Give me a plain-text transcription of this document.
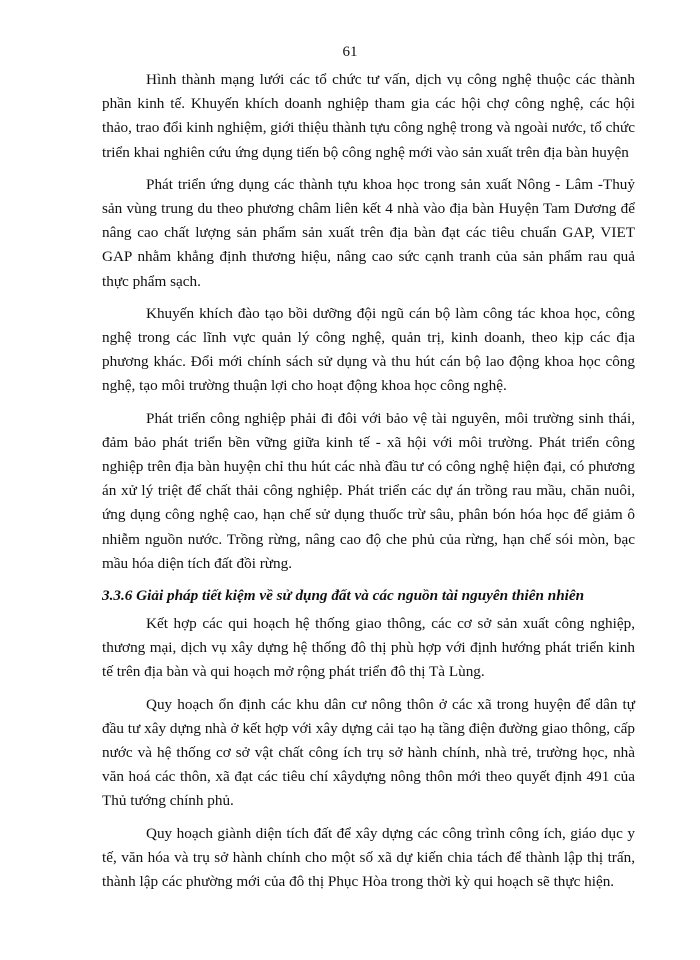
61

Hình thành mạng lưới các tổ chức tư vấn, dịch vụ công nghệ thuộc các thành phần kinh tế. Khuyến khích doanh nghiệp tham gia các hội chợ công nghệ, các hội thảo, trao đổi kinh nghiệm, giới thiệu thành tựu công nghệ trong và ngoài nước, tổ chức triển khai nghiên cứu ứng dụng tiến bộ công nghệ mới vào sản xuất trên địa bàn huyện

Phát triển ứng dụng các thành tựu khoa học trong sản xuất Nông - Lâm -Thuỷ sản vùng trung du theo phương châm liên kết 4 nhà vào địa bàn Huyện Tam Dương để nâng cao chất lượng sản phẩm sản xuất trên địa bàn đạt các tiêu chuẩn GAP, VIET GAP nhằm khẳng định thương hiệu, nâng cao sức cạnh tranh của sản phẩm rau quả thực phẩm sạch.

Khuyến khích đào tạo bồi dưỡng đội ngũ cán bộ làm công tác khoa học, công nghệ trong các lĩnh vực quản lý công nghệ, quản trị, kinh doanh, theo kịp các địa phương khác. Đổi mới chính sách sử dụng và thu hút cán bộ lao động khoa học công nghệ, tạo môi trường thuận lợi cho hoạt động khoa học công nghệ.

Phát triển công nghiệp phải đi đôi với bảo vệ tài nguyên, môi trường sinh thái, đảm bảo phát triển bền vững giữa kinh tế - xã hội với môi trường. Phát triển công nghiệp trên địa bàn huyện chỉ thu hút các nhà đầu tư có công nghệ hiện đại, có phương án xử lý triệt để chất thải công nghiệp. Phát triển các dự án trồng rau mầu, chăn nuôi, ứng dụng công nghệ cao, hạn chế sử dụng thuốc trừ sâu, phân bón hóa học để giảm ô nhiễm nguồn nước. Trồng rừng, nâng cao độ che phủ của rừng, hạn chế sói mòn, bạc mầu hóa diện tích đất đồi rừng.

3.3.6 Giải pháp tiết kiệm về sử dụng đất và các nguồn tài nguyên thiên nhiên

Kết hợp các qui hoạch hệ thống giao thông, các cơ sở sản xuất công nghiệp, thương mại, dịch vụ xây dựng hệ thống đô thị phù hợp với định hướng phát triển kinh tế trên địa bàn và qui hoạch mở rộng phát triển đô thị Tà Lùng.

Quy hoạch ổn định các khu dân cư nông thôn ở các xã trong huyện để dân tự đầu tư xây dựng nhà ở kết hợp với xây dựng cải tạo hạ tầng điện đường giao thông, cấp nước và hệ thống cơ sở vật chất công ích trụ sở hành chính, nhà trẻ, trường học, nhà văn hoá các thôn, xã đạt các tiêu chí xâydựng nông thôn mới theo quyết định 491 của Thủ tướng chính phủ.

Quy hoạch giành diện tích đất để xây dựng các công trình công ích, giáo dục y tế, văn hóa và trụ sở hành chính cho một số xã dự kiến chia tách để thành lập thị trấn, thành lập các phường mới của đô thị Phục Hòa trong thời kỳ qui hoạch sẽ thực hiện.
